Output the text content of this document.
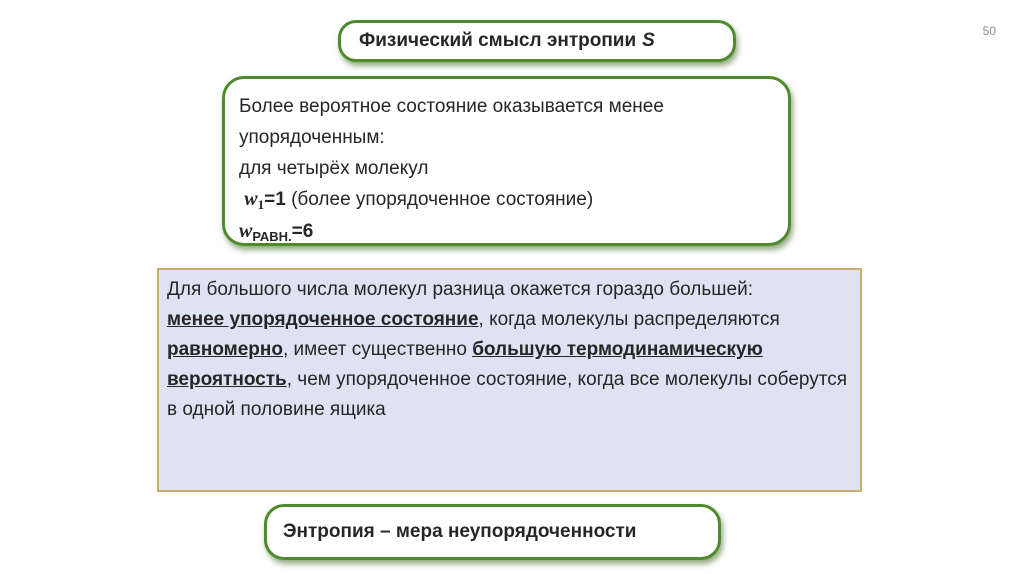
50
Физический смысл энтропии S
Более вероятное состояние оказывается менее
упорядоченным:
для четырёх молекул
$w_1=1$ (более упорядоченное состояние)
$w_{РАВН.}=6$
Для большого числа молекул разница окажется гораздо большей:
менее упорядоченное состояние, когда молекулы распределяются равномерно, имеет существенно большую термодинамическую вероятность, чем упорядоченное состояние, когда все молекулы соберутся в одной половине ящика
Энтропия – мера неупорядоченности
